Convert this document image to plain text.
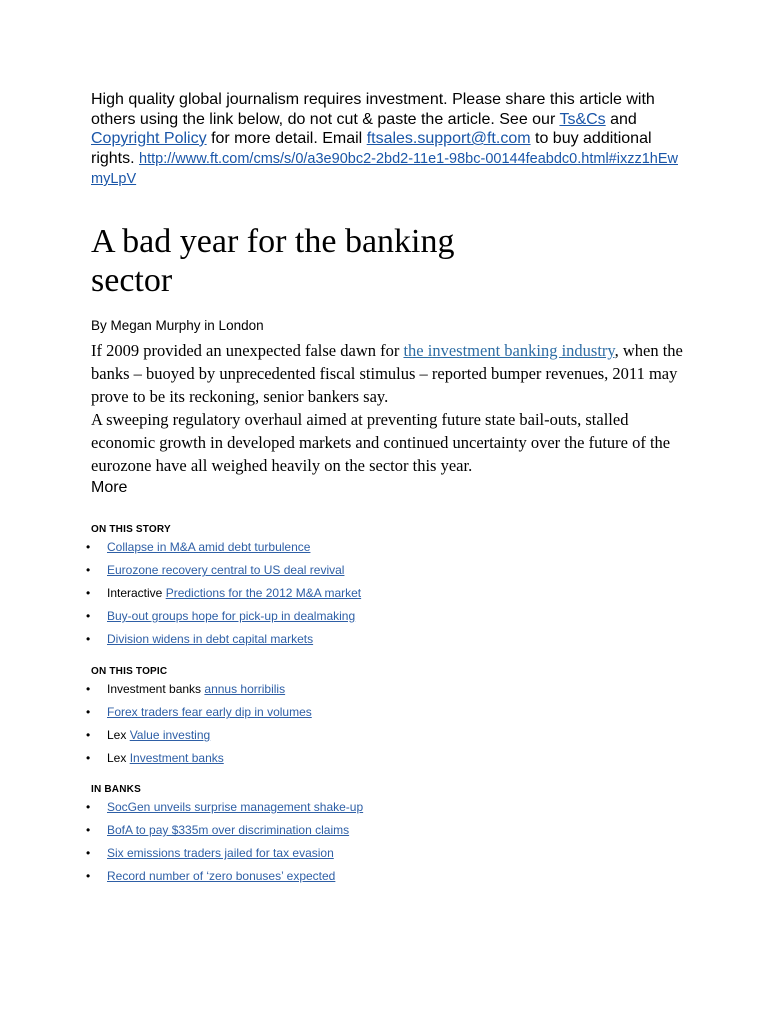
High quality global journalism requires investment. Please share this article with others using the link below, do not cut & paste the article. See our Ts&Cs and Copyright Policy for more detail. Email ftsales.support@ft.com to buy additional rights. http://www.ft.com/cms/s/0/a3e90bc2-2bd2-11e1-98bc-00144feabdc0.html#ixzz1hEwmyLpV
A bad year for the banking sector
By Megan Murphy in London

If 2009 provided an unexpected false dawn for the investment banking industry, when the banks – buoyed by unprecedented fiscal stimulus – reported bumper revenues, 2011 may prove to be its reckoning, senior bankers say.

A sweeping regulatory overhaul aimed at preventing future state bail-outs, stalled economic growth in developed markets and continued uncertainty over the future of the eurozone have all weighed heavily on the sector this year.

More
ON THIS STORY
• Collapse in M&A amid debt turbulence
• Eurozone recovery central to US deal revival
• Interactive Predictions for the 2012 M&A market
• Buy-out groups hope for pick-up in dealmaking
• Division widens in debt capital markets
ON THIS TOPIC
• Investment banks annus horribilis
• Forex traders fear early dip in volumes
• Lex Value investing
• Lex Investment banks
IN BANKS
• SocGen unveils surprise management shake-up
• BofA to pay $335m over discrimination claims
• Six emissions traders jailed for tax evasion
• Record number of ‘zero bonuses’ expected
